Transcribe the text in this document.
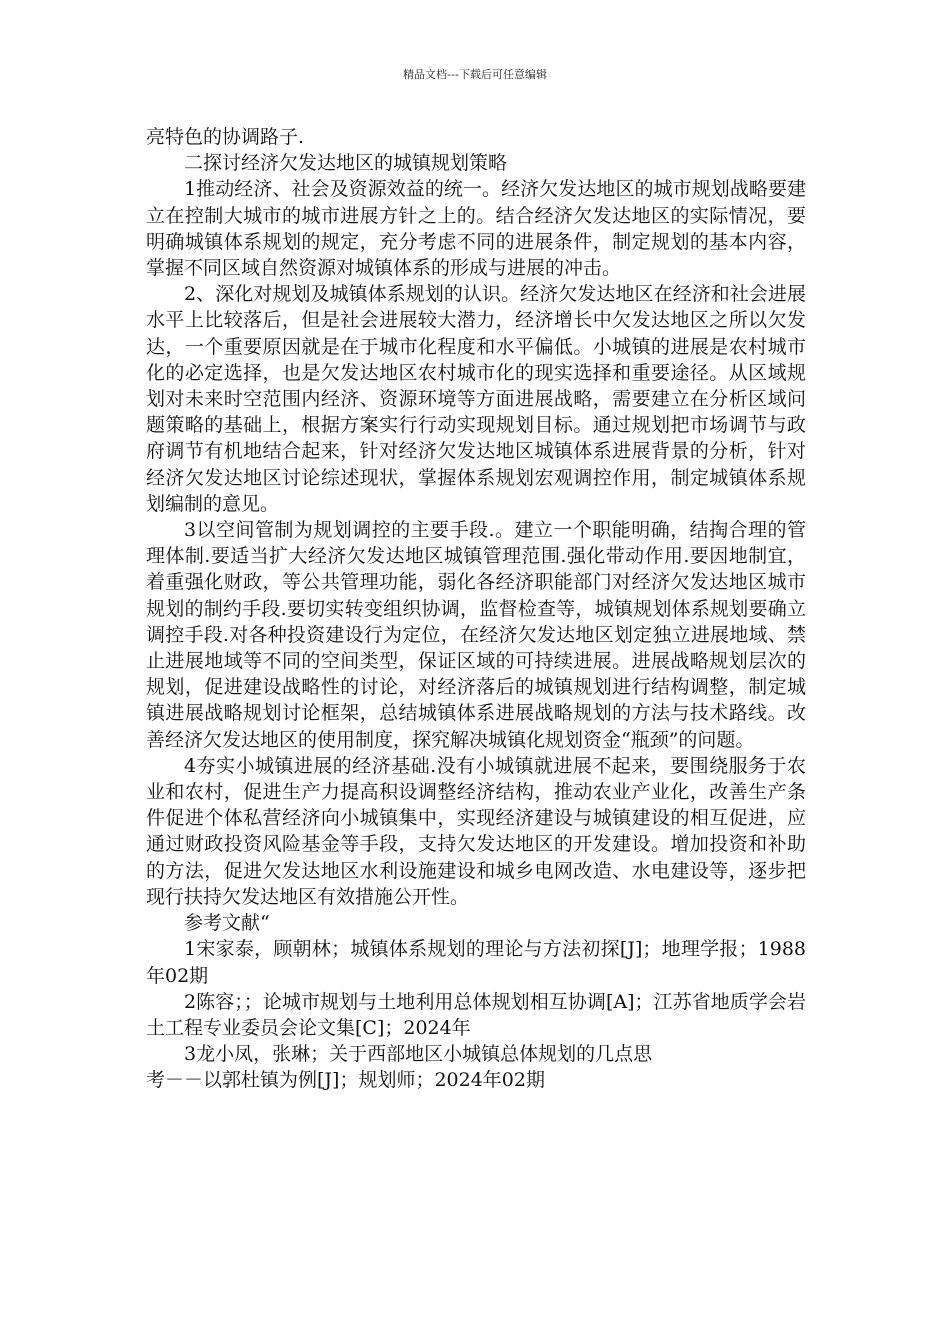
精品文档---下载后可任意编辑

亮特色的协调路子.

二探讨经济欠发达地区的城镇规划策略

1推动经济、社会及资源效益的统一。经济欠发达地区的城市规划战略要建立在控制大城市的城市进展方针之上的。结合经济欠发达地区的实际情况，要明确城镇体系规划的规定，充分考虑不同的进展条件，制定规划的基本内容，掌握不同区域自然资源对城镇体系的形成与进展的冲击。

2、深化对规划及城镇体系规划的认识。经济欠发达地区在经济和社会进展水平上比较落后，但是社会进展较大潜力，经济增长中欠发达地区之所以欠发达，一个重要原因就是在于城市化程度和水平偏低。小城镇的进展是农村城市化的必定选择，也是欠发达地区农村城市化的现实选择和重要途径。从区域规划对未来时空范围内经济、资源环境等方面进展战略，需要建立在分析区域问题策略的基础上，根据方案实行行动实现规划目标。通过规划把市场调节与政府调节有机地结合起来，针对经济欠发达地区城镇体系进展背景的分析，针对经济欠发达地区讨论综述现状，掌握体系规划宏观调控作用，制定城镇体系规划编制的意见。

3以空间管制为规划调控的主要手段.。建立一个职能明确，结掏合理的管理体制.要适当扩大经济欠发达地区城镇管理范围.强化带动作用.要因地制宜，着重强化财政，等公共管理功能，弱化各经济职能部门对经济欠发达地区城市规划的制约手段.要切实转变组织协调，监督检查等，城镇规划体系规划要确立调控手段.对各种投资建设行为定位，在经济欠发达地区划定独立进展地域、禁止进展地域等不同的空间类型，保证区域的可持续进展。进展战略规划层次的规划，促进建设战略性的讨论，对经济落后的城镇规划进行结构调整，制定城镇进展战略规划讨论框架，总结城镇体系进展战略规划的方法与技术路线。改善经济欠发达地区的使用制度，探究解决城镇化规划资金“瓶颈”的问题。

4夯实小城镇进展的经济基础.没有小城镇就进展不起来，要围绕服务于农业和农村，促进生产力提高积设调整经济结构，推动农业产业化，改善生产条件促进个体私营经济向小城镇集中，实现经济建设与城镇建设的相互促进，应通过财政投资风险基金等手段，支持欠发达地区的开发建设。增加投资和补助的方法，促进欠发达地区水利设施建设和城乡电网改造、水电建设等，逐步把现行扶持欠发达地区有效措施公开性。

参考文献“

1宋家泰，顾朝林；城镇体系规划的理论与方法初探[J]；地理学报；1988年02期

2陈容；；论城市规划与土地利用总体规划相互协调[A]；江苏省地质学会岩土工程专业委员会论文集[C]；2024年

3龙小凤，张琳；关于西部地区小城镇总体规划的几点思

考－－以郭杜镇为例[J]；规划师；2024年02期
